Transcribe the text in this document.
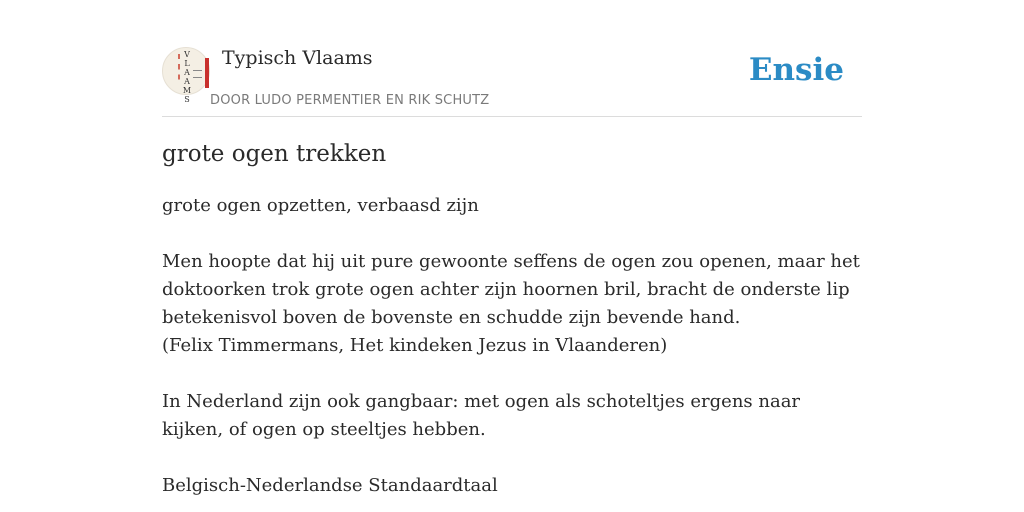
V
L
A
A
M
S
Typisch Vlaams
DOOR LUDO PERMENTIER EN RIK SCHUTZ
Ensie
grote ogen trekken
grote ogen opzetten, verbaasd zijn
Men hoopte dat hij uit pure gewoonte seffens de ogen zou openen, maar het doktoorken trok grote ogen achter zijn hoornen bril, bracht de onderste lip betekenisvol boven de bovenste en schudde zijn bevende hand.
(Felix Timmermans, Het kindeken Jezus in Vlaanderen)
In Nederland zijn ook gangbaar: met ogen als schoteltjes ergens naar kijken, of ogen op steeltjes hebben.
Belgisch-Nederlandse Standaardtaal
